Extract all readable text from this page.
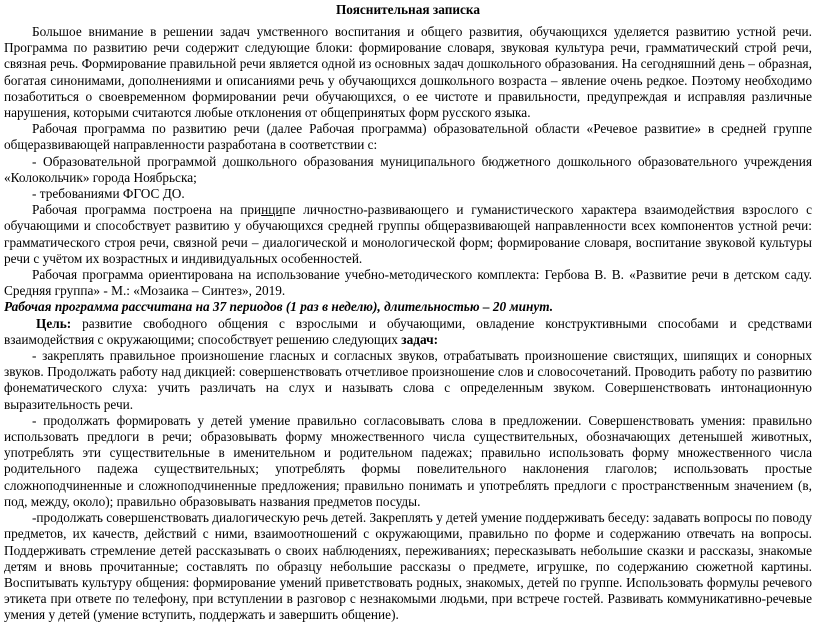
Пояснительная записка

Большое внимание в решении задач умственного воспитания и общего развития, обучающихся уделяется развитию устной речи. Программа по развитию речи содержит следующие блоки: формирование словаря, звуковая культура речи, грамматический строй речи, связная речь. Формирование правильной речи является одной из основных задач дошкольного образования. На сегодняшний день – образная, богатая синонимами, дополнениями и описаниями речь у обучающихся дошкольного возраста – явление очень редкое. Поэтому необходимо позаботиться о своевременном формировании речи обучающихся, о ее чистоте и правильности, предупреждая и исправляя различные нарушения, которыми считаются любые отклонения от общепринятых форм русского языка.

Рабочая программа по развитию речи (далее Рабочая программа) образовательной области «Речевое развитие» в средней группе общеразвивающей направленности разработана в соответствии с:

- Образовательной программой дошкольного образования муниципального бюджетного дошкольного образовательного учреждения «Колокольчик» города Ноябрьска;

- требованиями ФГОС ДО.

Рабочая программа построена на принципе личностно-развивающего и гуманистического характера взаимодействия взрослого с обучающими и способствует развитию у обучающихся средней группы общеразвивающей направленности всех компонентов устной речи: грамматического строя речи, связной речи – диалогической и монологической форм; формирование словаря, воспитание звуковой культуры речи с учётом их возрастных и индивидуальных особенностей.

Рабочая программа ориентирована на использование учебно-методического комплекта: Гербова В. В. «Развитие речи в детском саду. Средняя группа» - М.: «Мозаика – Синтез», 2019.

Рабочая программа рассчитана на 37 периодов (1 раз в неделю), длительностью – 20 минут.

Цель: развитие свободного общения с взрослыми и обучающими, овладение конструктивными способами и средствами взаимодействия с окружающими; способствует решению следующих задач:

- закреплять правильное произношение гласных и согласных звуков, отрабатывать произношение свистящих, шипящих и сонорных звуков. Продолжать работу над дикцией: совершенствовать отчетливое произношение слов и словосочетаний. Проводить работу по развитию фонематического слуха: учить различать на слух и называть слова с определенным звуком. Совершенствовать интонационную выразительность речи.

- продолжать формировать у детей умение правильно согласовывать слова в предложении. Совершенствовать умения: правильно использовать предлоги в речи; образовывать форму множественного числа существительных, обозначающих детенышей животных, употреблять эти существительные в именительном и родительном падежах; правильно использовать форму множественного числа родительного падежа существительных; употреблять формы повелительного наклонения глаголов; использовать простые сложноподчиненные и сложноподчиненные предложения; правильно понимать и употреблять предлоги с пространственным значением (в, под, между, около); правильно образовывать названия предметов посуды.

-продолжать совершенствовать диалогическую речь детей. Закреплять у детей умение поддерживать беседу: задавать вопросы по поводу предметов, их качеств, действий с ними, взаимоотношений с окружающими, правильно по форме и содержанию отвечать на вопросы. Поддерживать стремление детей рассказывать о своих наблюдениях, переживаниях; пересказывать небольшие сказки и рассказы, знакомые детям и вновь прочитанные; составлять по образцу небольшие рассказы о предмете, игрушке, по содержанию сюжетной картины. Воспитывать культуру общения: формирование умений приветствовать родных, знакомых, детей по группе. Использовать формулы речевого этикета при ответе по телефону, при вступлении в разговор с незнакомыми людьми, при встрече гостей. Развивать коммуникативно-речевые умения у детей (умение вступить, поддержать и завершить общение).
